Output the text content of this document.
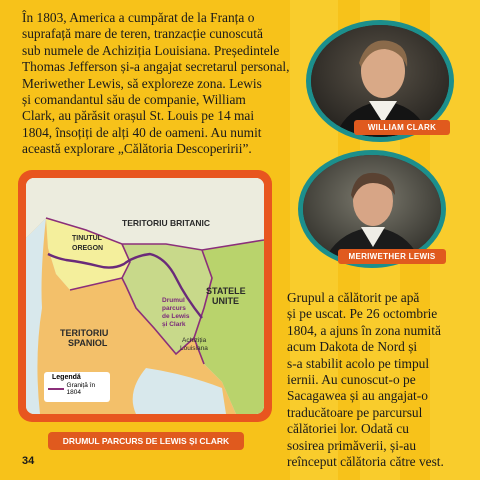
În 1803, America a cumpărat de la Franța o

suprafață mare de teren, tranzacție cunoscută

sub numele de Achiziția Louisiana. Președintele

Thomas Jefferson și-a angajat secretarul personal,

Meriwether Lewis, să exploreze zona. Lewis

și comandantul său de companie, William

Clark, au părăsit orașul St. Louis pe 14 mai

1804, însoțiți de alți 40 de oameni. Au numit

această explorare „Călătoria Descoperirii”.

WILLIAM CLARK
MERIWETHER LEWIS

Grupul a călătorit pe apă

și pe uscat. Pe 26 octombrie

1804, a ajuns în zona numită

acum Dakota de Nord și

s-a stabilit acolo pe timpul

iernii. Au cunoscut-o pe

Sacagawea și au angajat-o

traducătoare pe parcursul

călătoriei lor. Odată cu

sosirea primăverii, și-au

reînceput călătoria către vest.

TERITORIU BRITANIC
ȚINUTUL
OREGON
STATELE
UNITE
TERITORIU
SPANIOL
Drumul
parcurs
de Lewis
și Clark
Achiziția
Louisiana
Legendă
Graniță în 1804
DRUMUL PARCURS DE LEWIS ȘI CLARK
34
